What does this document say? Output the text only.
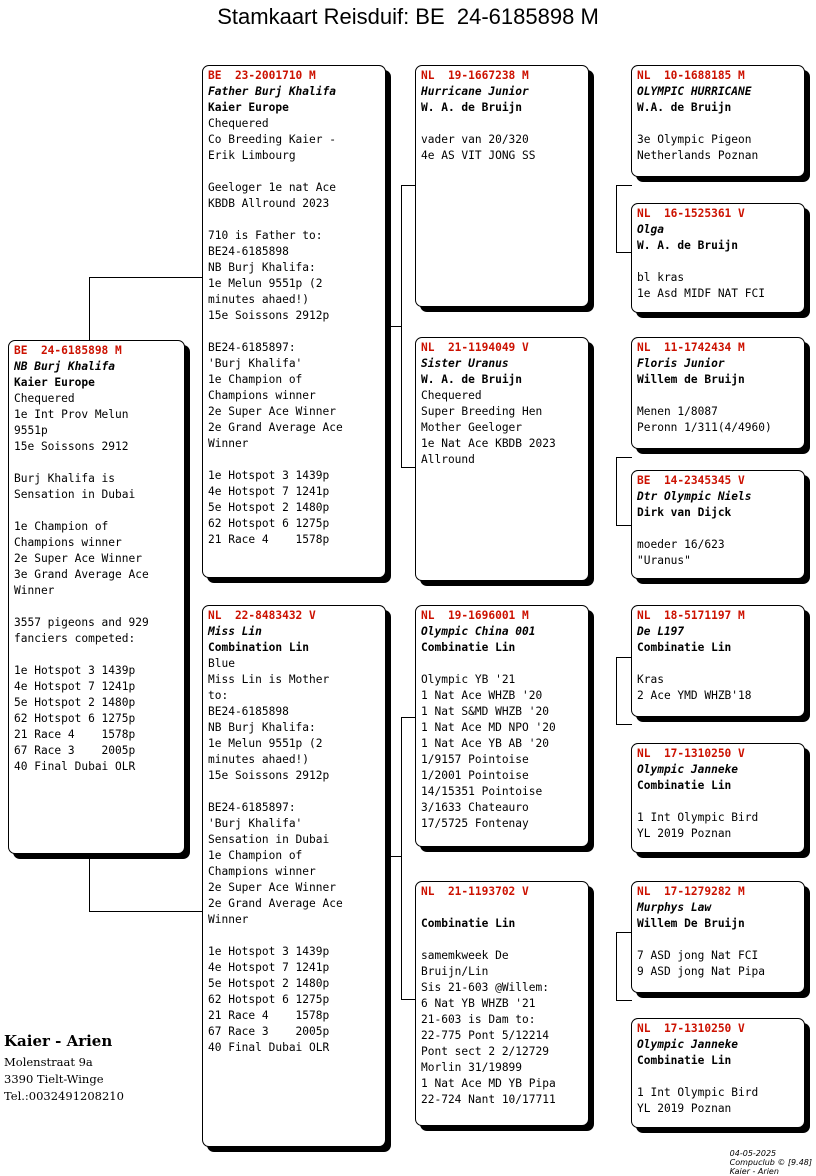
Stamkaart Reisduif: BE  24-6185898 M
BE  24-6185898 M
NB Burj Khalifa
Kaier Europe
Chequered
1e Int Prov Melun
9551p
15e Soissons 2912

Burj Khalifa is
Sensation in Dubai

1e Champion of
Champions winner
2e Super Ace Winner
3e Grand Average Ace
Winner

3557 pigeons and 929
fanciers competed:

1e Hotspot 3 1439p
4e Hotspot 7 1241p
5e Hotspot 2 1480p
62 Hotspot 6 1275p
21 Race 4    1578p
67 Race 3    2005p
40 Final Dubai OLR
BE  23-2001710 M
Father Burj Khalifa
Kaier Europe
Chequered
Co Breeding Kaier -
Erik Limbourg

Geeloger 1e nat Ace
KBDB Allround 2023

710 is Father to:
BE24-6185898
NB Burj Khalifa:
1e Melun 9551p (2
minutes ahaed!)
15e Soissons 2912p

BE24-6185897:
'Burj Khalifa'
1e Champion of
Champions winner
2e Super Ace Winner
2e Grand Average Ace
Winner

1e Hotspot 3 1439p
4e Hotspot 7 1241p
5e Hotspot 2 1480p
62 Hotspot 6 1275p
21 Race 4    1578p
NL  22-8483432 V
Miss Lin
Combination Lin
Blue
Miss Lin is Mother
to:
BE24-6185898
NB Burj Khalifa:
1e Melun 9551p (2
minutes ahaed!)
15e Soissons 2912p

BE24-6185897:
'Burj Khalifa'
Sensation in Dubai
1e Champion of
Champions winner
2e Super Ace Winner
2e Grand Average Ace
Winner

1e Hotspot 3 1439p
4e Hotspot 7 1241p
5e Hotspot 2 1480p
62 Hotspot 6 1275p
21 Race 4    1578p
67 Race 3    2005p
40 Final Dubai OLR
NL  19-1667238 M
Hurricane Junior
W. A. de Bruijn

vader van 20/320
4e AS VIT JONG SS
NL  21-1194049 V
Sister Uranus
W. A. de Bruijn
Chequered
Super Breeding Hen
Mother Geeloger
1e Nat Ace KBDB 2023
Allround
NL  19-1696001 M
Olympic China 001
Combinatie Lin

Olympic YB '21
1 Nat Ace WHZB '20
1 Nat S&MD WHZB '20
1 Nat Ace MD NPO '20
1 Nat Ace YB AB '20
1/9157 Pointoise
1/2001 Pointoise
14/15351 Pointoise
3/1633 Chateauro
17/5725 Fontenay
NL  21-1193702 V
Combinatie Lin

samemkweek De
Bruijn/Lin
Sis 21-603 @Willem:
6 Nat YB WHZB '21
21-603 is Dam to:
22-775 Pont 5/12214
Pont sect 2 2/12729
Morlin 31/19899
1 Nat Ace MD YB Pipa
22-724 Nant 10/17711
NL  10-1688185 M
OLYMPIC HURRICANE
W.A. de Bruijn

3e Olympic Pigeon
Netherlands Poznan
NL  16-1525361 V
Olga
W. A. de Bruijn

bl kras
1e Asd MIDF NAT FCI
NL  11-1742434 M
Floris Junior
Willem de Bruijn

Menen 1/8087
Peronn 1/311(4/4960)
BE  14-2345345 V
Dtr Olympic Niels
Dirk van Dijck

moeder 16/623
"Uranus"
NL  18-5171197 M
De L197
Combinatie Lin

Kras
2 Ace YMD WHZB'18
NL  17-1310250 V
Olympic Janneke
Combinatie Lin

1 Int Olympic Bird
YL 2019 Poznan
NL  17-1279282 M
Murphys Law
Willem De Bruijn

7 ASD jong Nat FCI
9 ASD jong Nat Pipa
NL  17-1310250 V
Olympic Janneke
Combinatie Lin

1 Int Olympic Bird
YL 2019 Poznan
Kaier - Arien
Molenstraat 9a
3390 Tielt-Winge
Tel.:0032491208210

04-05-2025
Compuclub © [9.48]
Kaier - Arien
